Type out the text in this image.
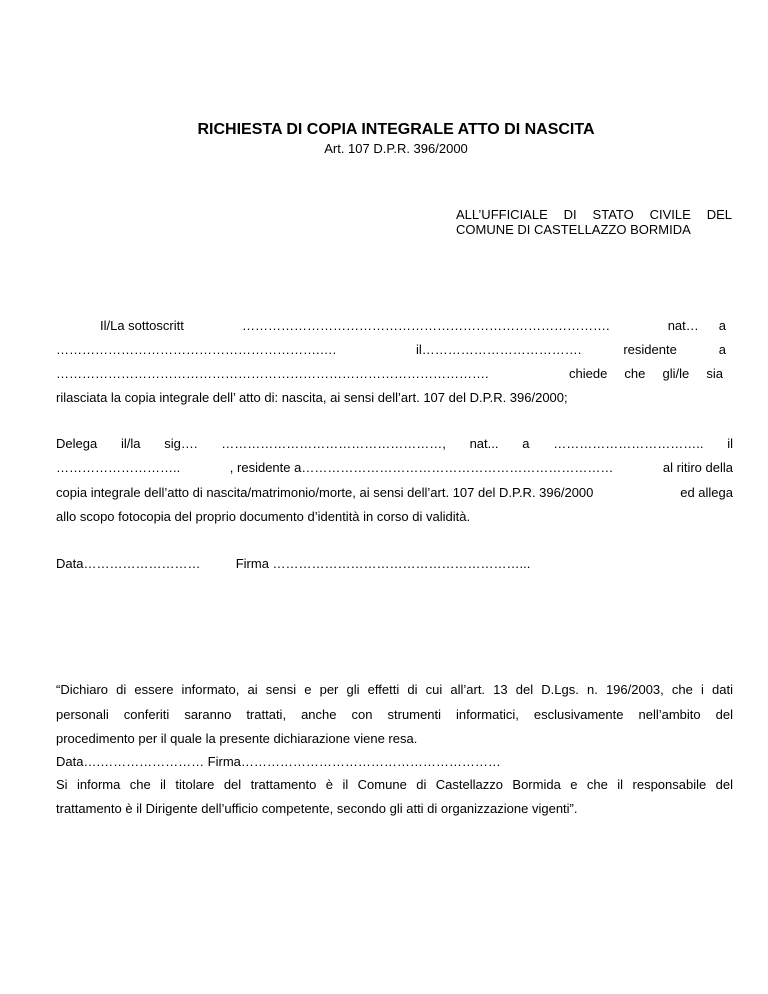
RICHIESTA DI COPIA INTEGRALE ATTO DI NASCITA
Art. 107 D.P.R. 396/2000
ALL’UFFICIALE DI STATO CIVILE DEL
COMUNE DI CASTELLAZZO BORMIDA
Il/La sottoscritt	………………………………………………………………………….	nat… a
…………………………………………………….….	il……………………………….	residente	a
……………………………………………………………………………………….	chiede che gli/le sia
rilasciata la copia integrale dell’ atto di: nascita, ai sensi dell’art. 107 del D.P.R. 396/2000;
Delega il/la sig…. ……………………………………………, nat... a …………………………….. il
………………………..	, residente a………………………………………………………………	al ritiro della
copia integrale dell’atto di nascita/matrimonio/morte, ai sensi dell’art. 107 del D.P.R. 396/2000	ed allega
allo scopo fotocopia del proprio documento d’identità in corso di validità.
Data………………………	Firma …………………………………………………...
“Dichiaro di essere informato, ai sensi e per gli effetti di cui all’art. 13 del D.Lgs. n. 196/2003, che i dati
personali conferiti saranno trattati, anche con strumenti informatici, esclusivamente nell’ambito del
procedimento per il quale la presente dichiarazione viene resa.
Data….…………………… Firma……………………………………………………
Si informa che il titolare del trattamento è il Comune di Castellazzo Bormida e che il responsabile del
trattamento è il Dirigente dell’ufficio competente, secondo gli atti di organizzazione vigenti”.
